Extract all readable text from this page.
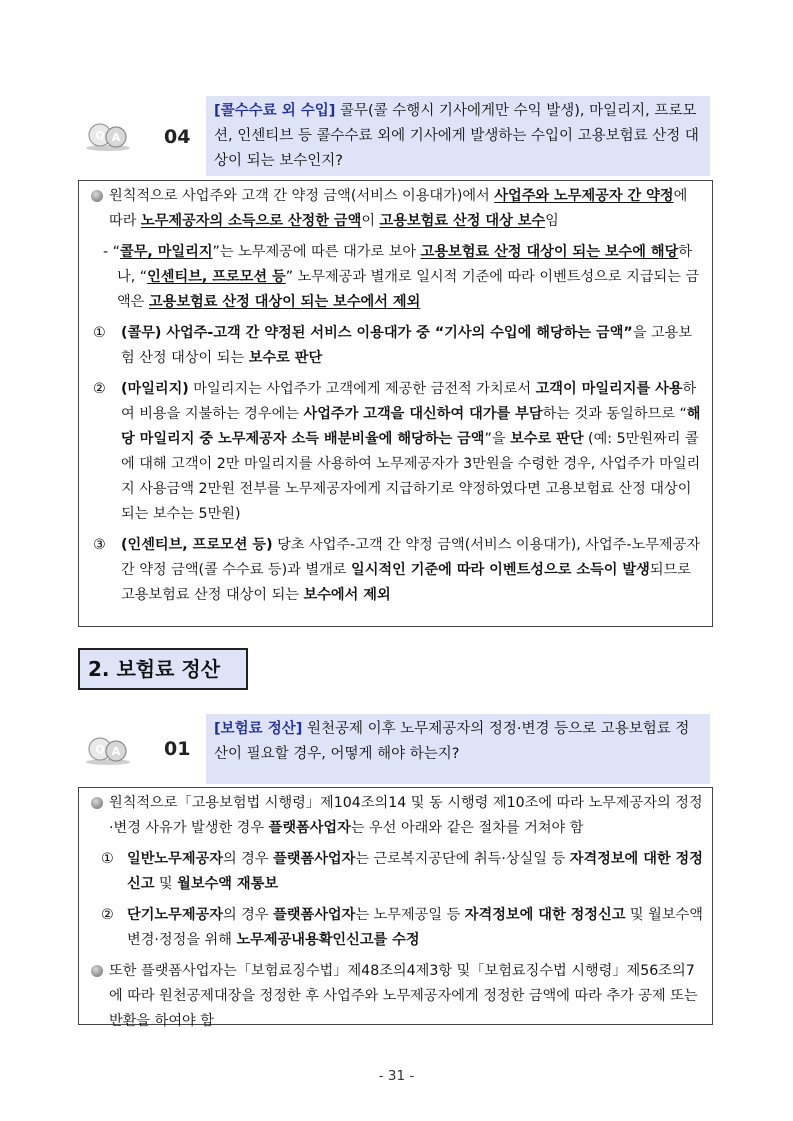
Q A 04
[콜수수료 외 수입] 콜무(콜 수행시 기사에게만 수익 발생), 마일리지, 프로모션, 인센티브 등 콜수수료 외에 기사에게 발생하는 수입이 고용보험료 산정 대상이 되는 보수인지?
원칙적으로 사업주와 고객 간 약정 금액(서비스 이용대가)에서 사업주와 노무제공자 간 약정에 따라 노무제공자의 소득으로 산정한 금액이 고용보험료 산정 대상 보수임
- “콜무, 마일리지”는 노무제공에 따른 대가로 보아 고용보험료 산정 대상이 되는 보수에 해당하나, “인센티브, 프로모션 등” 노무제공과 별개로 일시적 기준에 따라 이벤트성으로 지급되는 금액은 고용보험료 산정 대상이 되는 보수에서 제외
① (콜무) 사업주-고객 간 약정된 서비스 이용대가 중 “기사의 수입에 해당하는 금액”을 고용보험 산정 대상이 되는 보수로 판단
② (마일리지) 마일리지는 사업주가 고객에게 제공한 금전적 가치로서 고객이 마일리지를 사용하여 비용을 지불하는 경우에는 사업주가 고객을 대신하여 대가를 부담하는 것과 동일하므로 “해당 마일리지 중 노무제공자 소득 배분비율에 해당하는 금액”을 보수로 판단 (예: 5만원짜리 콜에 대해 고객이 2만 마일리지를 사용하여 노무제공자가 3만원을 수령한 경우, 사업주가 마일리지 사용금액 2만원 전부를 노무제공자에게 지급하기로 약정하였다면 고용보험료 산정 대상이 되는 보수는 5만원)
③ (인센티브, 프로모션 등) 당초 사업주-고객 간 약정 금액(서비스 이용대가), 사업주-노무제공자 간 약정 금액(콜 수수료 등)과 별개로 일시적인 기준에 따라 이벤트성으로 소득이 발생되므로 고용보험료 산정 대상이 되는 보수에서 제외
2. 보험료 정산
Q A 01
[보험료 정산] 원천공제 이후 노무제공자의 정정·변경 등으로 고용보험료 정산이 필요할 경우, 어떻게 해야 하는지?
원칙적으로「고용보험법 시행령」제104조의14 및 동 시행령 제10조에 따라 노무제공자의 정정·변경 사유가 발생한 경우 플랫폼사업자는 우선 아래와 같은 절차를 거쳐야 함
① 일반노무제공자의 경우 플랫폼사업자는 근로복지공단에 취득·상실일 등 자격정보에 대한 정정신고 및 월보수액 재통보
② 단기노무제공자의 경우 플랫폼사업자는 노무제공일 등 자격정보에 대한 정정신고 및 월보수액 변경·정정을 위해 노무제공내용확인신고를 수정
또한 플랫폼사업자는「보험료징수법」제48조의4제3항 및「보험료징수법 시행령」제56조의7에 따라 원천공제대장을 정정한 후 사업주와 노무제공자에게 정정한 금액에 따라 추가 공제 또는 반환을 하여야 함
- 31 -
